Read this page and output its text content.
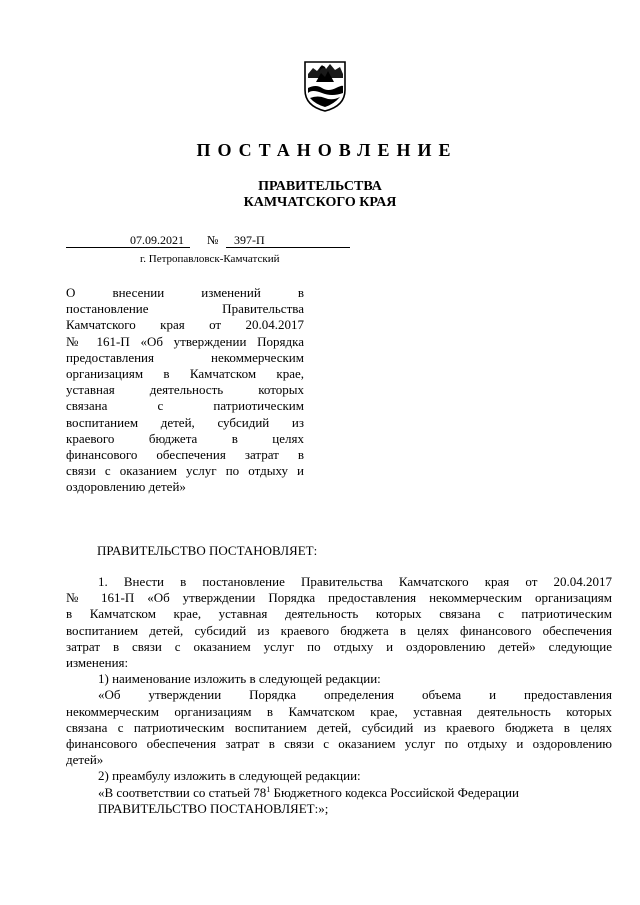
ПОСТАНОВЛЕНИЕ
ПРАВИТЕЛЬСТВА
КАМЧАТСКОГО КРАЯ
07.09.2021	№	397-П
г. Петропавловск-Камчатский
О внесении изменений в
постановление Правительства
Камчатского края от 20.04.2017
№ 161-П «Об утверждении Порядка
предоставления некоммерческим
организациям в Камчатском крае,
уставная деятельность которых
связана с патриотическим
воспитанием детей, субсидий из
краевого бюджета в целях
финансового обеспечения затрат в
связи с оказанием услуг по отдыху и
оздоровлению детей»
ПРАВИТЕЛЬСТВО ПОСТАНОВЛЯЕТ:
1. Внести в постановление Правительства Камчатского края от 20.04.2017
№ 161-П «Об утверждении Порядка предоставления некоммерческим организациям
в Камчатском крае, уставная деятельность которых связана с патриотическим
воспитанием детей, субсидий из краевого бюджета в целях финансового обеспечения
затрат в связи с оказанием услуг по отдыху и оздоровлению детей» следующие
изменения:
1) наименование изложить в следующей редакции:
«Об утверждении Порядка определения объема и предоставления
некоммерческим организациям в Камчатском крае, уставная деятельность которых
связана с патриотическим воспитанием детей, субсидий из краевого бюджета в целях
финансового обеспечения затрат в связи с оказанием услуг по отдыху и оздоровлению
детей»
2) преамбулу изложить в следующей редакции:
«В соответствии со статьей $78^1$ Бюджетного кодекса Российской Федерации
ПРАВИТЕЛЬСТВО ПОСТАНОВЛЯЕТ:»;
